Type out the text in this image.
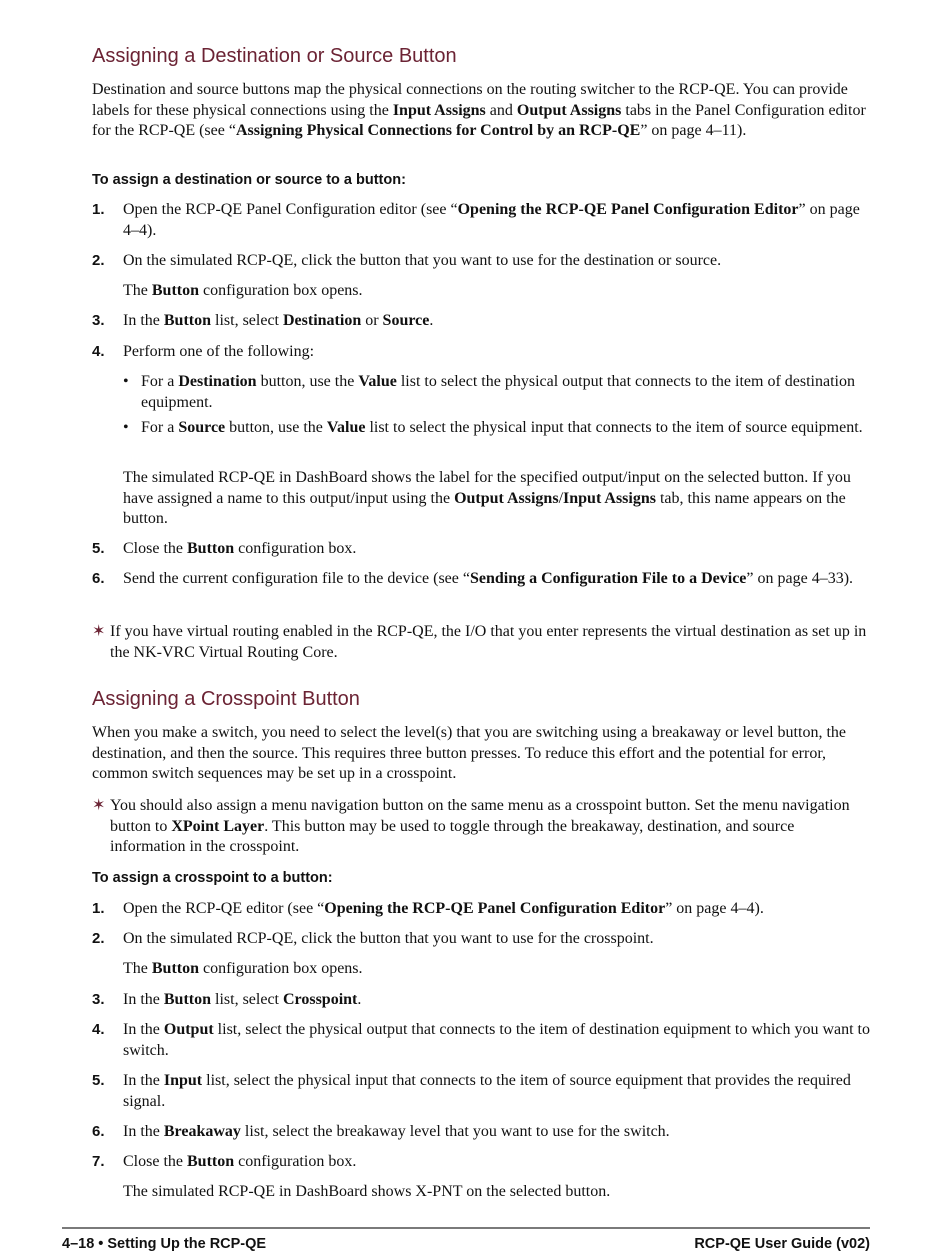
Assigning a Destination or Source Button

Destination and source buttons map the physical connections on the routing switcher to the RCP-QE. You can provide labels for these physical connections using the Input Assigns and Output Assigns tabs in the Panel Configuration editor for the RCP-QE (see “Assigning Physical Connections for Control by an RCP-QE” on page 4–11).

To assign a destination or source to a button:

1. Open the RCP-QE Panel Configuration editor (see “Opening the RCP-QE Panel Configuration Editor” on page 4–4).
2. On the simulated RCP-QE, click the button that you want to use for the destination or source.
The Button configuration box opens.
3. In the Button list, select Destination or Source.
4. Perform one of the following:
• For a Destination button, use the Value list to select the physical output that connects to the item of destination equipment.
• For a Source button, use the Value list to select the physical input that connects to the item of source equipment.
The simulated RCP-QE in DashBoard shows the label for the specified output/input on the selected button. If you have assigned a name to this output/input using the Output Assigns/Input Assigns tab, this name appears on the button.
5. Close the Button configuration box.
6. Send the current configuration file to the device (see “Sending a Configuration File to a Device” on page 4–33).
✶ If you have virtual routing enabled in the RCP-QE, the I/O that you enter represents the virtual destination as set up in the NK-VRC Virtual Routing Core.
Assigning a Crosspoint Button

When you make a switch, you need to select the level(s) that you are switching using a breakaway or level button, the destination, and then the source. This requires three button presses. To reduce this effort and the potential for error, common switch sequences may be set up in a crosspoint.

✶ You should also assign a menu navigation button on the same menu as a crosspoint button. Set the menu navigation button to XPoint Layer. This button may be used to toggle through the breakaway, destination, and source information in the crosspoint.

To assign a crosspoint to a button:

1. Open the RCP-QE editor (see “Opening the RCP-QE Panel Configuration Editor” on page 4–4).
2. On the simulated RCP-QE, click the button that you want to use for the crosspoint.
The Button configuration box opens.
3. In the Button list, select Crosspoint.
4. In the Output list, select the physical output that connects to the item of destination equipment to which you want to switch.
5. In the Input list, select the physical input that connects to the item of source equipment that provides the required signal.
6. In the Breakaway list, select the breakaway level that you want to use for the switch.
7. Close the Button configuration box.
The simulated RCP-QE in DashBoard shows X-PNT on the selected button.
4–18 • Setting Up the RCP-QE	RCP-QE User Guide (v02)
